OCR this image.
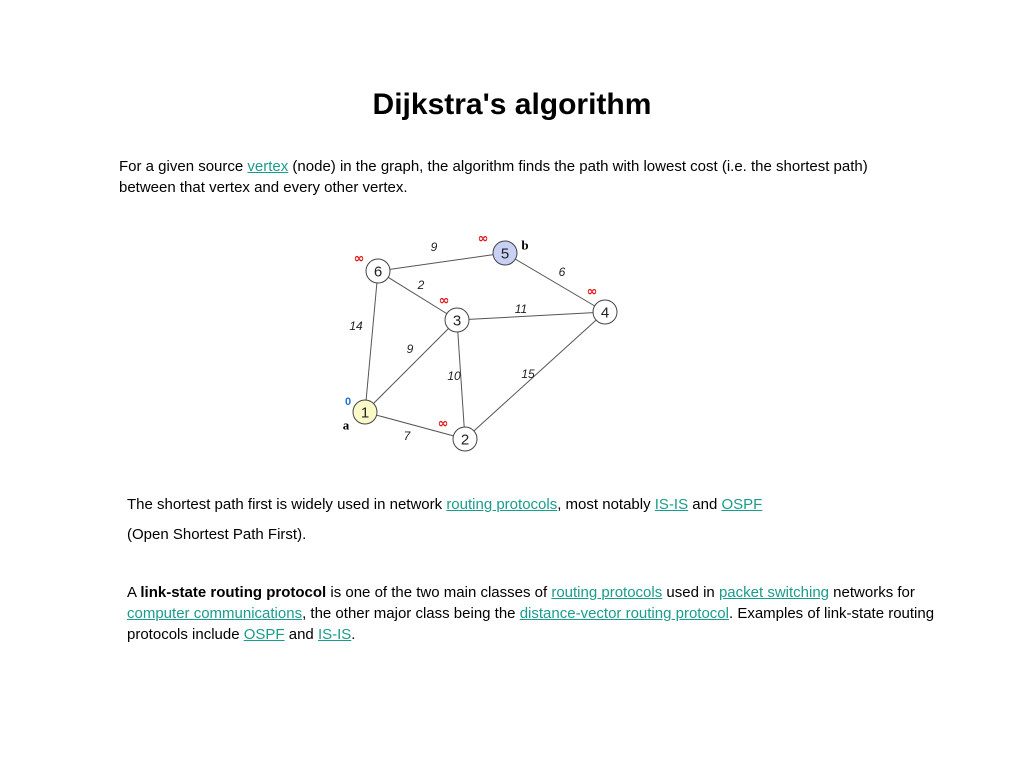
Dijkstra's algorithm

For a given source vertex (node) in the graph, the algorithm finds the path with lowest cost (i.e. the shortest path) between that vertex and every other vertex.

9
6
2
11
14
9
10	15
7
1
2
3	4
5
6
0
a	∞
∞
∞
∞	b
∞

The shortest path first is widely used in network routing protocols, most notably IS-IS and OSPF

(Open Shortest Path First).

A link-state routing protocol is one of the two main classes of routing protocols used in packet switching networks for computer communications, the other major class being the distance-vector routing protocol. Examples of link-state routing protocols include OSPF and IS-IS.
